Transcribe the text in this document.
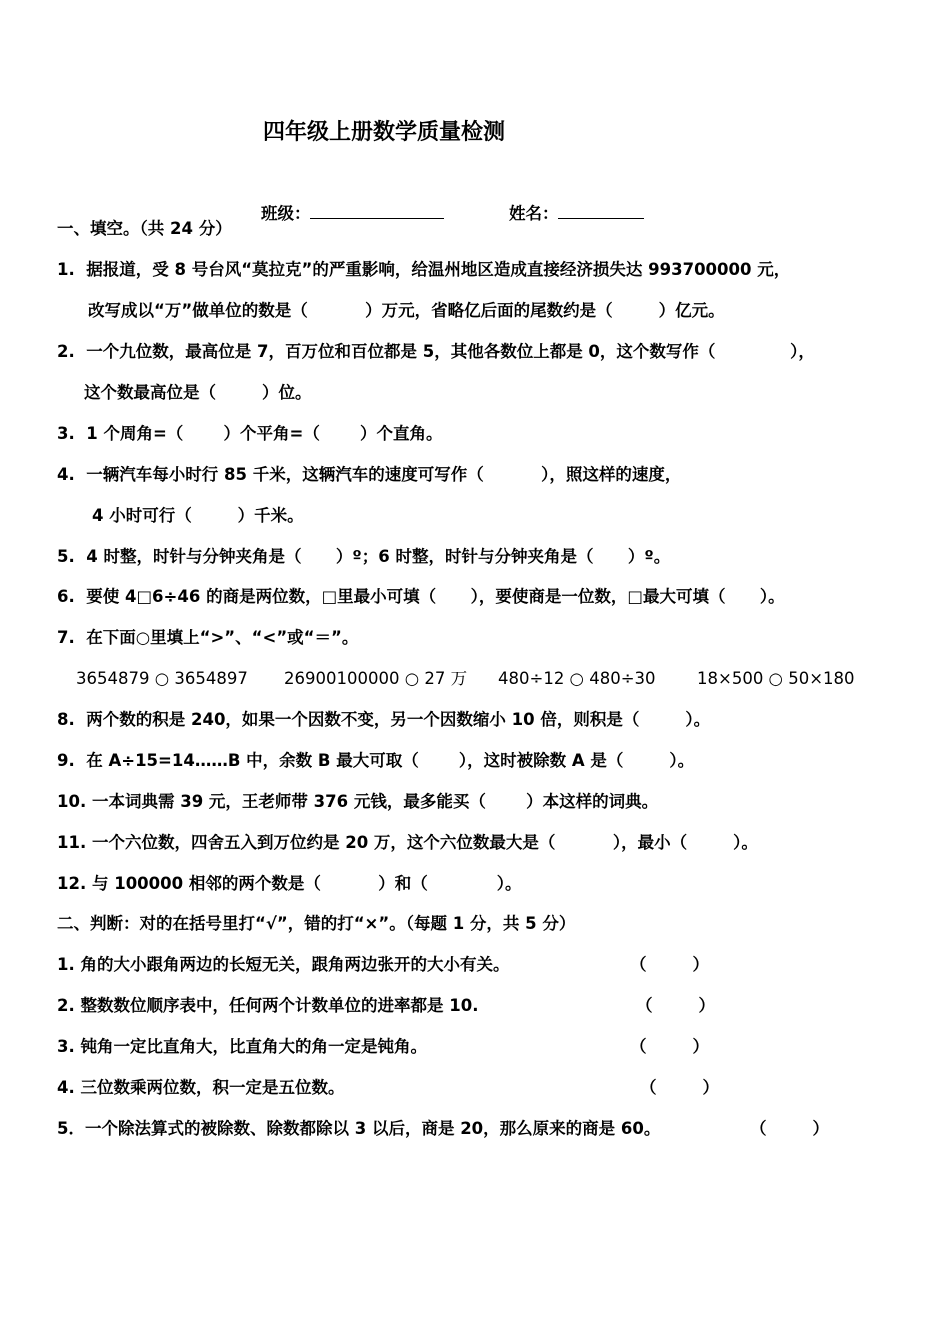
四年级上册数学质量检测

班级：
	姓名：

一、填空。（共 24 分）
1.  据报道，受 8 号台风“莫拉克”的严重影响，给温州地区造成直接经济损失达 993700000 元，
改写成以“万”做单位的数是（          ）万元，省略亿后面的尾数约是（        ）亿元。
2.  一个九位数，最高位是 7，百万位和百位都是 5，其他各数位上都是 0，这个数写作（             ），
这个数最高位是（        ）位。
3.  1 个周角=（       ）个平角=（       ）个直角。
4.  一辆汽车每小时行 85 千米，这辆汽车的速度可写作（          ），照这样的速度，
4 小时可行（        ）千米。
5.  4 时整，时针与分钟夹角是（      ）º；6 时整，时针与分钟夹角是（      ）º。
6.  要使 4□6÷46 的商是两位数，□里最小可填（      ），要使商是一位数，□最大可填（      ）。
7.  在下面○里填上“>”、“<”或“＝”。
3654879 ○ 3654897 26900100000 ○ 27 万 480÷12 ○ 480÷30	18×500 ○ 50×180
8.  两个数的积是 240，如果一个因数不变，另一个因数缩小 10 倍，则积是（        ）。
9.  在 A÷15=14……B 中，余数 B 最大可取（       ），这时被除数 A 是（        ）。
10. 一本词典需 39 元，王老师带 376 元钱，最多能买（       ）本这样的词典。
11. 一个六位数，四舍五入到万位约是 20 万，这个六位数最大是（          ），最小（        ）。
12. 与 100000 相邻的两个数是（          ）和（            ）。
二、判断：对的在括号里打“√”，错的打“×”。（每题 1 分，共 5 分）
1. 角的大小跟角两边的长短无关，跟角两边张开的大小有关。	（        ）
2. 整数数位顺序表中，任何两个计数单位的进率都是 10.	（        ）
3. 钝角一定比直角大，比直角大的角一定是钝角。	（        ）
4. 三位数乘两位数，积一定是五位数。	（        ）
5．一个除法算式的被除数、除数都除以 3 以后，商是 20，那么原来的商是 60。	（        ）
